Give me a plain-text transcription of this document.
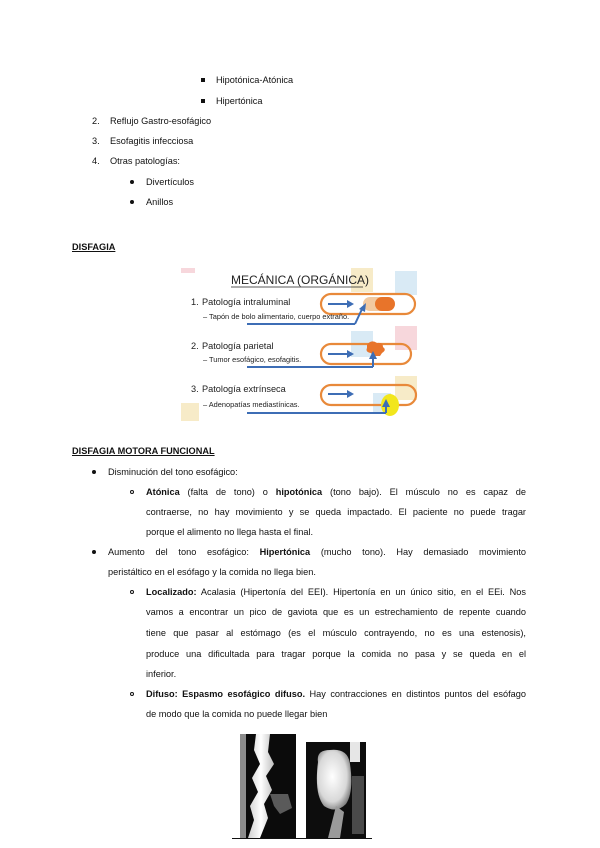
Hipotónica-Atónica
Hipertónica
2. Reflujo Gastro-esofágico
3. Esofagitis infecciosa
4. Otras patologías:
Divertículos
Anillos
DISFAGIA
MECÁNICA (ORGÁNICA)
1. Patología intraluminal
– Tapón de bolo alimentario, cuerpo extraño.
2. Patología parietal
– Tumor esofágico, esofagitis.
3. Patología extrínseca
– Adenopatías mediastínicas.
DISFAGIA MOTORA FUNCIONAL
Disminución del tono esofágico:
Atónica (falta de tono) o hipotónica (tono bajo). El músculo no es capaz de
contraerse, no hay movimiento y se queda impactado. El paciente no puede tragar
porque el alimento no llega hasta el final.
Aumento del tono esofágico: Hipertónica (mucho tono). Hay demasiado movimiento
peristáltico en el esófago y la comida no llega bien.
Localizado: Acalasia (Hipertonía del EEI). Hipertonía en un único sitio, en el EEi. Nos
vamos a encontrar un pico de gaviota que es un estrechamiento de repente cuando
tiene que pasar al estómago (es el músculo contrayendo, no es una estenosis),
produce una dificultada para tragar porque la comida no pasa y se queda en el
inferior.
Difuso: Espasmo esofágico difuso. Hay contracciones en distintos puntos del esófago
de modo que la comida no puede llegar bien
